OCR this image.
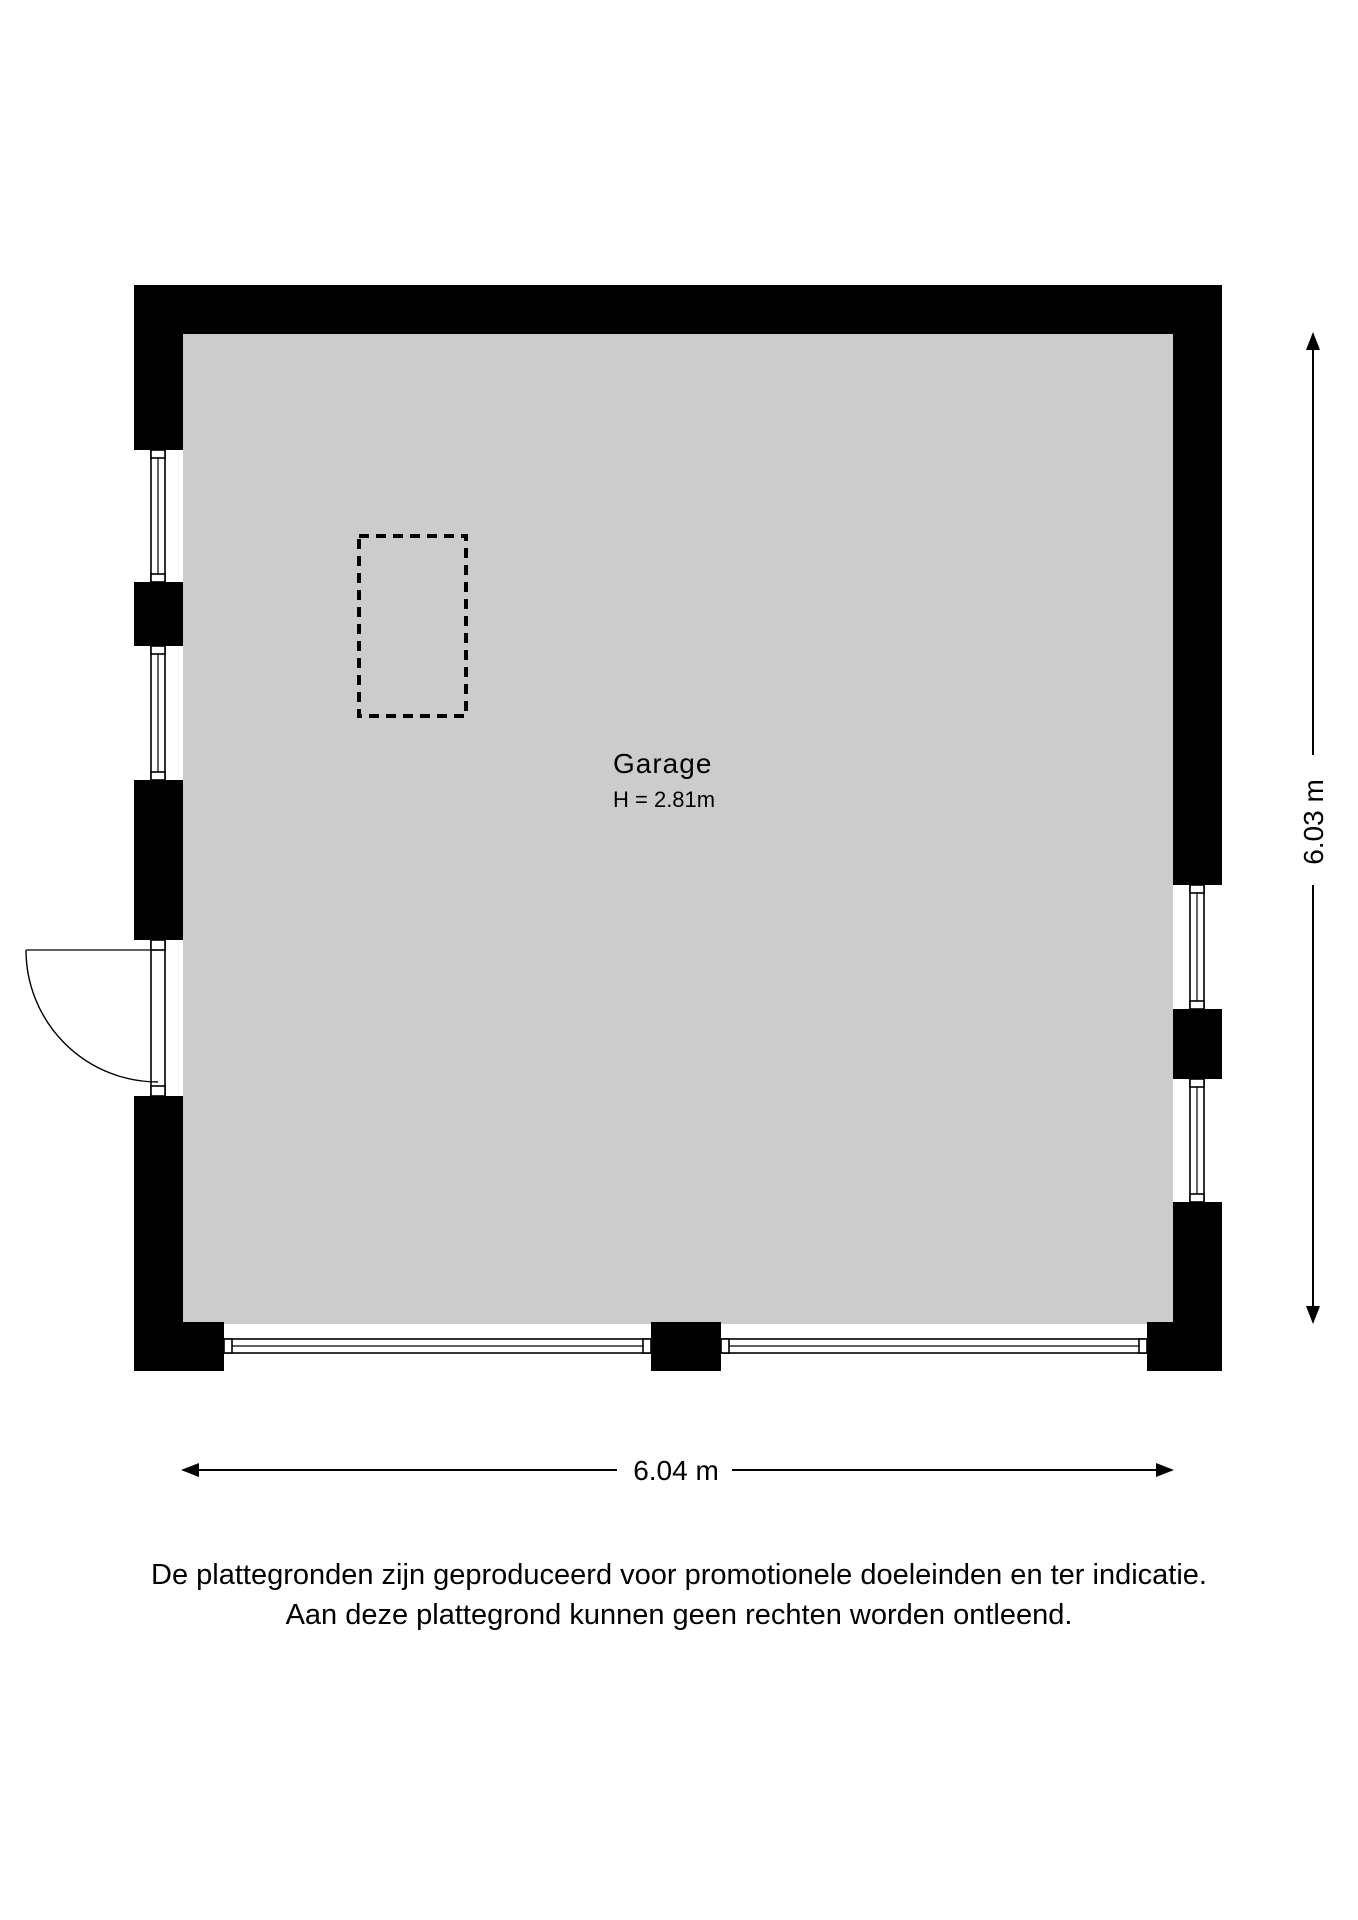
Garage
H = 2.81m	6.03 m
6.04 m
De plattegronden zijn geproduceerd voor promotionele doeleinden en ter indicatie.
Aan deze plattegrond kunnen geen rechten worden ontleend.
